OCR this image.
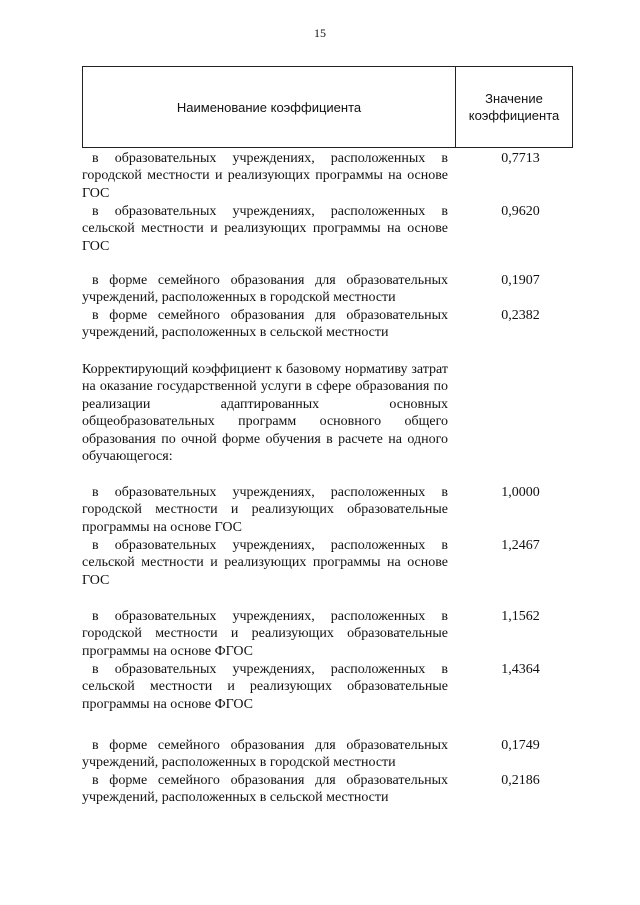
15
Наименование коэффициента
Значение
коэффициента
в образовательных учреждениях, расположенных в городской местности и реализующих программы на основе ГОС
0,7713
в образовательных учреждениях, расположенных в сельской местности и реализующих программы на основе ГОС
0,9620
в форме семейного образования для образовательных учреждений, расположенных в городской местности
0,1907
в форме семейного образования для образовательных учреждений, расположенных в сельской местности
0,2382
Корректирующий коэффициент к базовому нормативу затрат на оказание государственной услуги в сфере образования по реализации адаптированных основных общеобразовательных программ основного общего образования по очной форме обучения в расчете на одного обучающегося:
в образовательных учреждениях, расположенных в городской местности и реализующих образовательные программы на основе ГОС
1,0000
в образовательных учреждениях, расположенных в сельской местности и реализующих программы на основе ГОС
1,2467
в образовательных учреждениях, расположенных в городской местности и реализующих образовательные программы на основе ФГОС
1,1562
в образовательных учреждениях, расположенных в сельской местности и реализующих образовательные программы на основе ФГОС
1,4364
в форме семейного образования для образовательных учреждений, расположенных в городской местности
0,1749
в форме семейного образования для образовательных учреждений, расположенных в сельской местности
0,2186
